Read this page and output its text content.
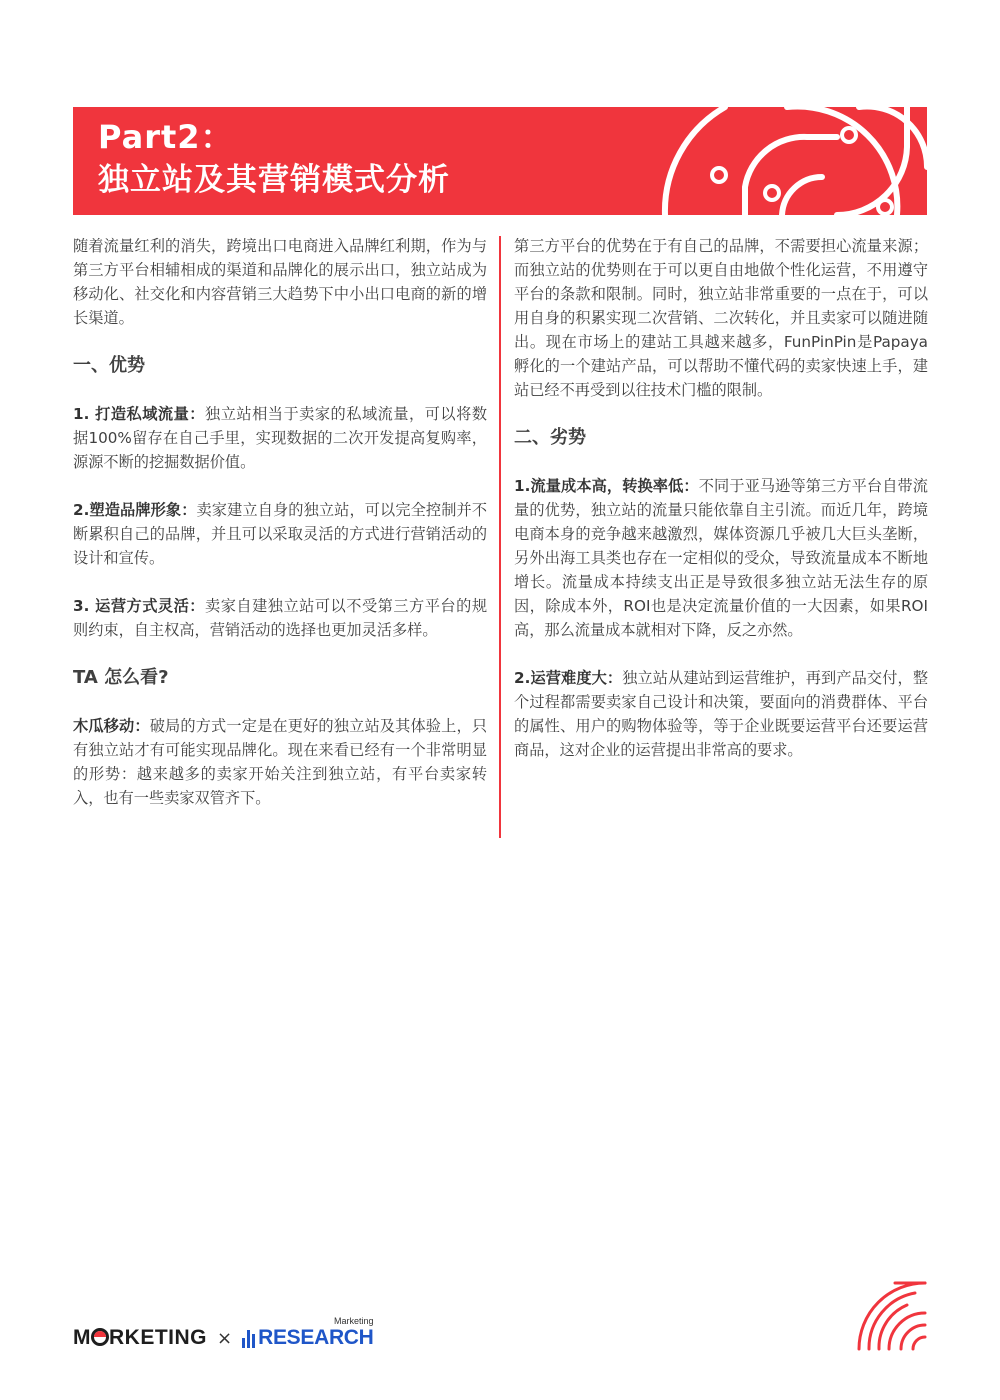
Part2：
独立站及其营销模式分析

随着流量红利的消失，跨境出口电商进入品牌红利期，作为与第三方平台相辅相成的渠道和品牌化的展示出口，独立站成为移动化、社交化和内容营销三大趋势下中小出口电商的新的增长渠道。

一、优势

1. 打造私域流量：独立站相当于卖家的私域流量，可以将数据100%留存在自己手里，实现数据的二次开发提高复购率，源源不断的挖掘数据价值。

2.塑造品牌形象：卖家建立自身的独立站，可以完全控制并不断累积自己的品牌，并且可以采取灵活的方式进行营销活动的设计和宣传。

3. 运营方式灵活：卖家自建独立站可以不受第三方平台的规则约束，自主权高，营销活动的选择也更加灵活多样。

TA 怎么看?

木瓜移动：破局的方式一定是在更好的独立站及其体验上，只有独立站才有可能实现品牌化。现在来看已经有一个非常明显的形势：越来越多的卖家开始关注到独立站，有平台卖家转入，也有一些卖家双管齐下。

第三方平台的优势在于有自己的品牌，不需要担心流量来源；而独立站的优势则在于可以更自由地做个性化运营，不用遵守平台的条款和限制。同时，独立站非常重要的一点在于，可以用自身的积累实现二次营销、二次转化，并且卖家可以随进随出。现在市场上的建站工具越来越多，FunPinPin是Papaya孵化的一个建站产品，可以帮助不懂代码的卖家快速上手，建站已经不再受到以往技术门槛的限制。

二、劣势

1.流量成本高，转换率低：不同于亚马逊等第三方平台自带流量的优势，独立站的流量只能依靠自主引流。而近几年，跨境电商本身的竞争越来越激烈，媒体资源几乎被几大巨头垄断，另外出海工具类也存在一定相似的受众，导致流量成本不断地增长。流量成本持续支出正是导致很多独立站无法生存的原因，除成本外，ROI也是决定流量价值的一大因素，如果ROI高，那么流量成本就相对下降，反之亦然。

2.运营难度大：独立站从建站到运营维护，再到产品交付，整个过程都需要卖家自己设计和决策，要面向的消费群体、平台的属性、用户的购物体验等，等于企业既要运营平台还要运营商品，这对企业的运营提出非常高的要求。

M RKETING × RESEARCH
Marketing
